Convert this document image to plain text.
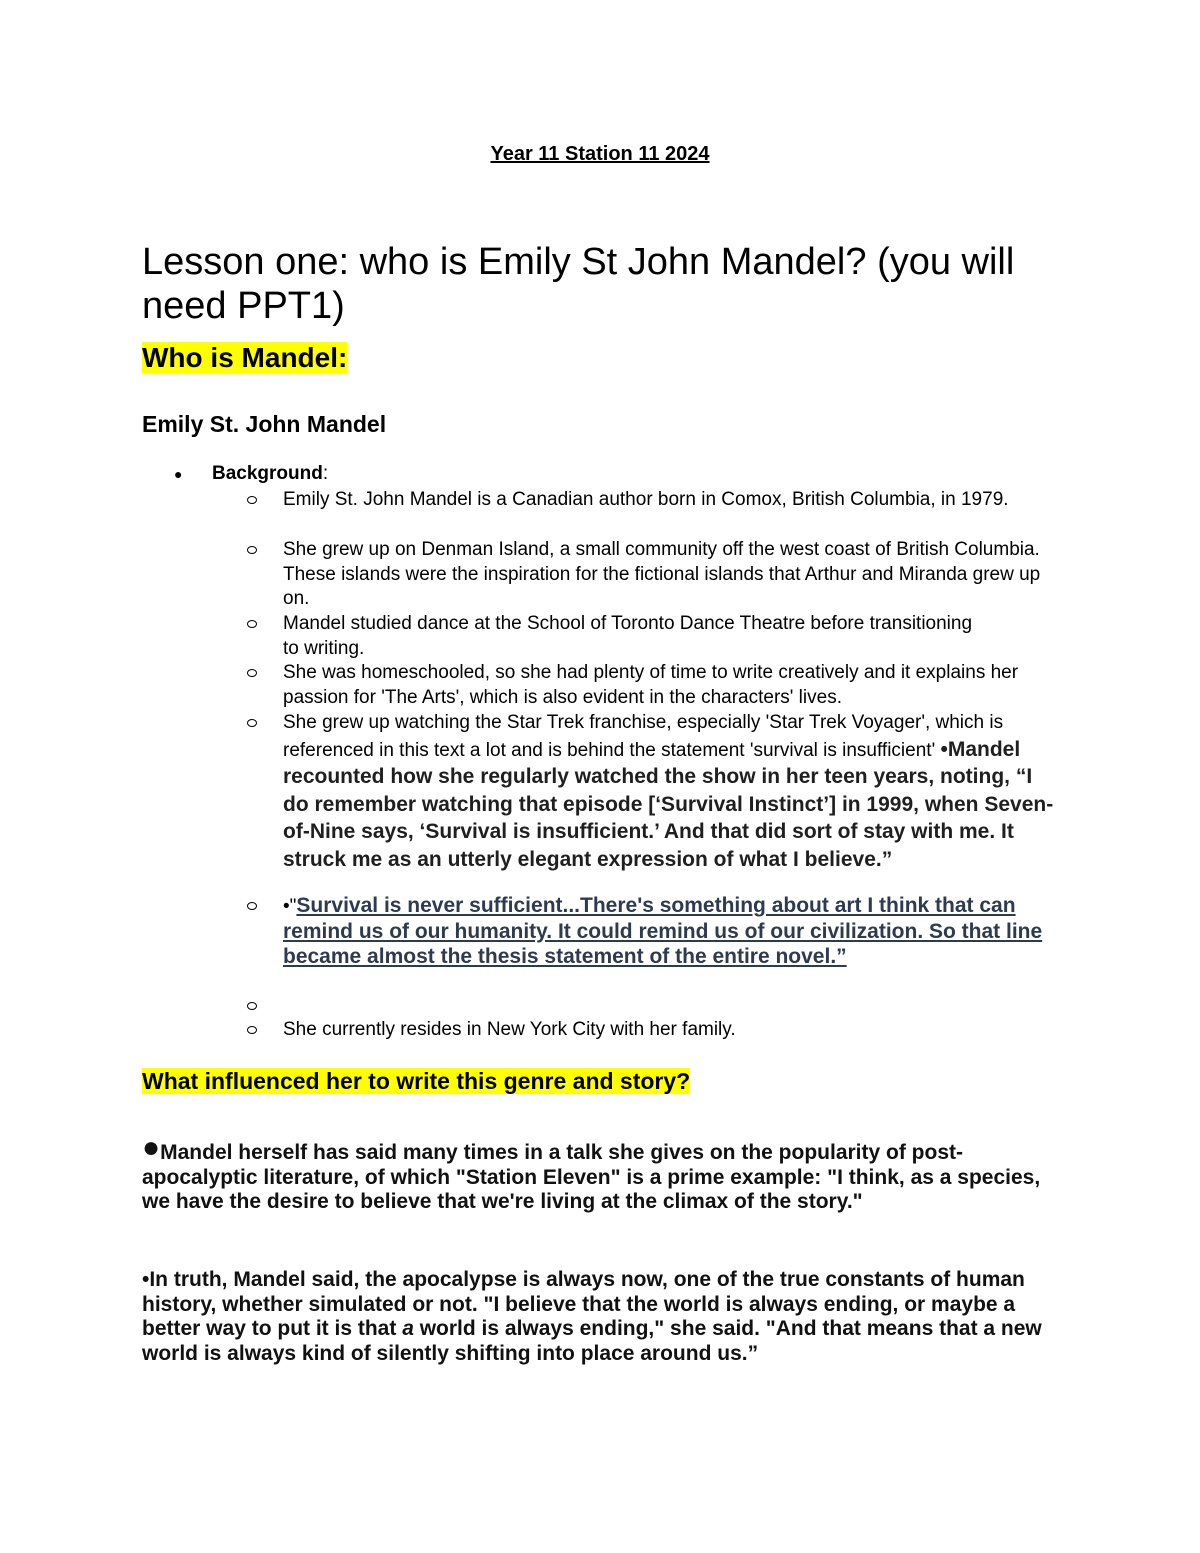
Year 11 Station 11 2024
Lesson one: who is Emily St John Mandel? (you will need PPT1)
Who is Mandel:
Emily St. John Mandel
●	Background:
Emily St. John Mandel is a Canadian author born in Comox, British Columbia, in 1979.
She grew up on Denman Island, a small community off the west coast of British Columbia. These islands were the inspiration for the fictional islands that Arthur and Miranda grew up on.
Mandel studied dance at the School of Toronto Dance Theatre before transitioning to writing.
She was homeschooled, so she had plenty of time to write creatively and it explains her passion for 'The Arts', which is also evident in the characters' lives.
She grew up watching the Star Trek franchise, especially 'Star Trek Voyager', which is referenced in this text a lot and is behind the statement 'survival is insufficient' •Mandel recounted how she regularly watched the show in her teen years, noting, “I do remember watching that episode [‘Survival Instinct’] in 1999, when Seven-of-Nine says, ‘Survival is insufficient.’ And that did sort of stay with me. It struck me as an utterly elegant expression of what I believe.”
•"Survival is never sufficient...There's something about art I think that can remind us of our humanity. It could remind us of our civilization. So that line became almost the thesis statement of the entire novel.”
She currently resides in New York City with her family.
What influenced her to write this genre and story?
●Mandel herself has said many times in a talk she gives on the popularity of post-apocalyptic literature, of which "Station Eleven" is a prime example: "I think, as a species, we have the desire to believe that we're living at the climax of the story."
•In truth, Mandel said, the apocalypse is always now, one of the true constants of human history, whether simulated or not. "I believe that the world is always ending, or maybe a better way to put it is that a world is always ending," she said. "And that means that a new world is always kind of silently shifting into place around us.”
